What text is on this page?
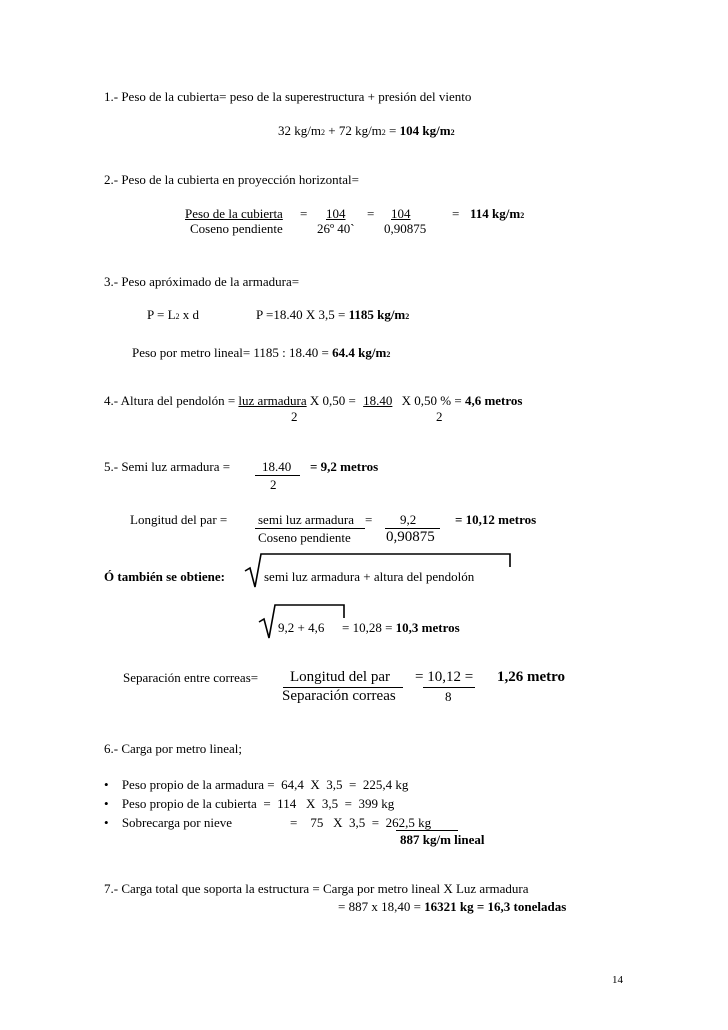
1.- Peso de la cubierta= peso de la superestructura + presión del viento
32 kg/m2 + 72 kg/m2 = 104 kg/m2
2.- Peso de la cubierta en proyección horizontal=
Peso de la cubierta =	104	=	104	= 114 kg/m2
Coseno pendiente	26º 40` 0,90875
3.- Peso apróximado de la armadura=
P = L2 x d	P =18.40 X 3,5 = 1185 kg/m2
Peso por metro lineal= 1185 : 18.40 = 64.4 kg/m2
4.- Altura del pendolón = luz armadura X 0,50 = 18.40 X 0,50 % = 4,6 metros
2	2
5.- Semi luz armadura = 18.40 = 9,2 metros
2
Longitud del par = semi luz armadura = 9,2	= 10,12 metros
Coseno pendiente 0,90875
Ó también se obtiene:	semi luz armadura + altura del pendolón
9,2 + 4,6 = 10,28 = 10,3 metros
Separación entre correas= Longitud del par = 10,12 = 1,26 metro
Separación correas	8
6.- Carga por metro lineal;
• Peso propio de la armadura = 64,4 X 3,5 = 225,4 kg
• Peso propio de la cubierta = 114 X 3,5 = 399 kg
• Sobrecarga por nieve	= 75 X 3,5 = 262,5 kg
887 kg/m lineal
7.- Carga total que soporta la estructura = Carga por metro lineal X Luz armadura
= 887 x 18,40 = 16321 kg = 16,3 toneladas
14
